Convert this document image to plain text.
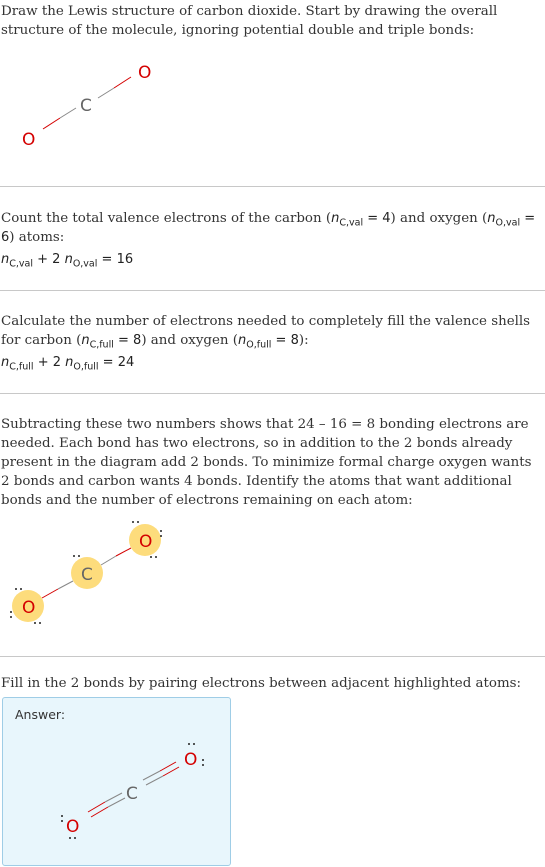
Draw the Lewis structure of carbon dioxide. Start by drawing the overall structure of the molecule, ignoring potential double and triple bonds:

O
C
O

Count the total valence electrons of the carbon $(n_{C,val} = 4)$ and oxygen $(n_{O,val} = 6)$ atoms:

$n_{C,val} + 2$ $n_{O,val} = 16$

Calculate the number of electrons needed to completely fill the valence shells for carbon $(n_{C,full} = 8)$ and oxygen $(n_{O,full} = 8)$:

$n_{C,full} + 2$ $n_{O,full} = 24$

Subtracting these two numbers shows that 24 – 16 = 8 bonding electrons are needed. Each bond has two electrons, so in addition to the 2 bonds already present in the diagram add 2 bonds. To minimize formal charge oxygen wants 2 bonds and carbon wants 4 bonds. Identify the atoms that want additional bonds and the number of electrons remaining on each atom:

O
C
O

Fill in the 2 bonds by pairing electrons between adjacent highlighted atoms:

Answer:
O
C
O
